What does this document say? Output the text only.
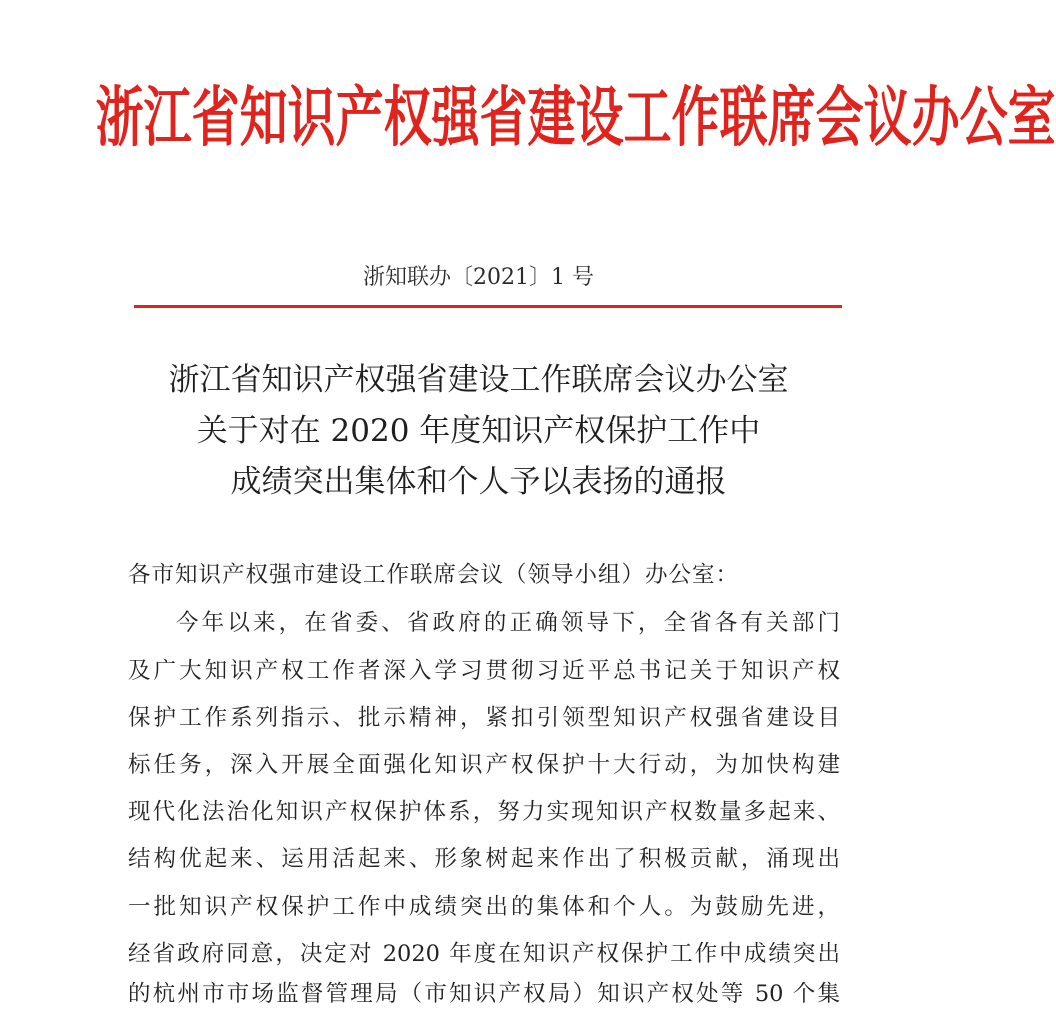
浙江省知识产权强省建设工作联席会议办公室
浙知联办〔2021〕1 号
浙江省知识产权强省建设工作联席会议办公室
关于对在 2020 年度知识产权保护工作中
成绩突出集体和个人予以表扬的通报
各市知识产权强市建设工作联席会议（领导小组）办公室：
今年以来，在省委、省政府的正确领导下，全省各有关部门
及广大知识产权工作者深入学习贯彻习近平总书记关于知识产权
保护工作系列指示、批示精神，紧扣引领型知识产权强省建设目
标任务，深入开展全面强化知识产权保护十大行动，为加快构建
现代化法治化知识产权保护体系，努力实现知识产权数量多起来、
结构优起来、运用活起来、形象树起来作出了积极贡献，涌现出
一批知识产权保护工作中成绩突出的集体和个人。为鼓励先进，
经省政府同意，决定对 2020 年度在知识产权保护工作中成绩突出
的杭州市市场监督管理局（市知识产权局）知识产权处等 50 个集
